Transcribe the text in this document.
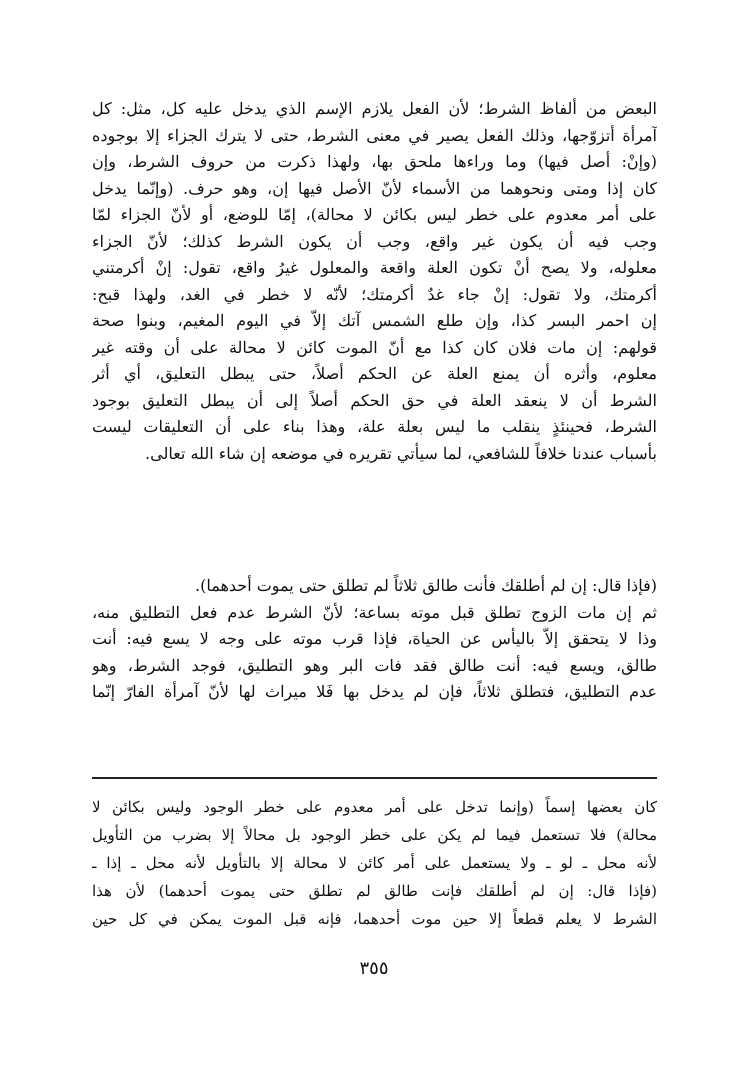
البعض من ألفاظ الشرط؛ لأن الفعل يلازم الإسم الذي يدخل عليه كل، مثل: كل
آمرأة أتزوّجها، وذلك الفعل يصير في معنى الشرط، حتى لا يترك الجزاء إلا بوجوده
(وإنْ: أصل فيها) وما وراءها ملحق بها، ولهذا ذكرت من حروف الشرط، وإن
كان إذا ومتى ونحوهما من الأسماء لأنّ الأصل فيها إن، وهو حرف. (وإنّما يدخل
على أمر معدوم على خطر ليس بكائن لا محالة)، إمّا للوضع، أو لأنّ الجزاء لمّا
وجب فيه أن يكون غير واقع، وجب أن يكون الشرط كذلك؛ لأنّ الجزاء
معلوله، ولا يصح أنْ تكون العلة واقعة والمعلول غيرُ واقع، تقول: إنْ أكرمتني
أكرمتك، ولا تقول: إنْ جاء غدٌ أكرمتك؛ لأنّه لا خطر في الغد، ولهذا قبح:
إن احمر البسر كذا، وإن طلع الشمس آتك إلاّ في اليوم المغيم، وبنوا صحة
قولهم: إن مات فلان كان كذا مع أنّ الموت كائن لا محالة على أن وقته غير
معلوم، وأثره أن يمنع العلة عن الحكم أصلاً، حتى يبطل التعليق، أي أثر
الشرط أن لا ينعقد العلة في حق الحكم أصلاً إلى أن يبطل التعليق بوجود
الشرط، فحينئذٍ ينقلب ما ليس بعلة علة، وهذا بناء على أن التعليقات ليست
بأسباب عندنا خلافاً للشافعي، لما سيأتي تقريره في موضعه إن شاء الله تعالى.
(فإذا قال: إن لم أطلقك فأنت طالق ثلاثاً لم تطلق حتى يموت أحدهما).
ثم إن مات الزوج تطلق قبل موته بساعة؛ لأنّ الشرط عدم فعل التطليق منه،
وذا لا يتحقق إلاّ باليأس عن الحياة، فإذا قرب موته على وجه لا يسع فيه: أنت
طالق، ويسع فيه: أنت طالق فقد فات البر وهو التطليق، فوجد الشرط، وهو
عدم التطليق، فتطلق ثلاثاً، فإن لم يدخل بها فَلا ميراث لها لأنّ آمرأة الفارّ إنّما
كان بعضها إسماً (وإنما تدخل على أمر معدوم على خطر الوجود وليس بكائن لا
محالة) فلا تستعمل فيما لم يكن على خطر الوجود بل محالاً إلا بضرب من التأويل
لأنه محل ـ لو ـ ولا يستعمل على أمر كائن لا محالة إلا بالتأويل لأنه محل ـ إذا ـ
(فإذا قال: إن لم أطلقك فإنت طالق لم تطلق حتى يموت أحدهما) لأن هذا
الشرط لا يعلم قطعاً إلا حين موت أحدهما، فإنه قبل الموت يمكن في كل حين
٣٥٥
